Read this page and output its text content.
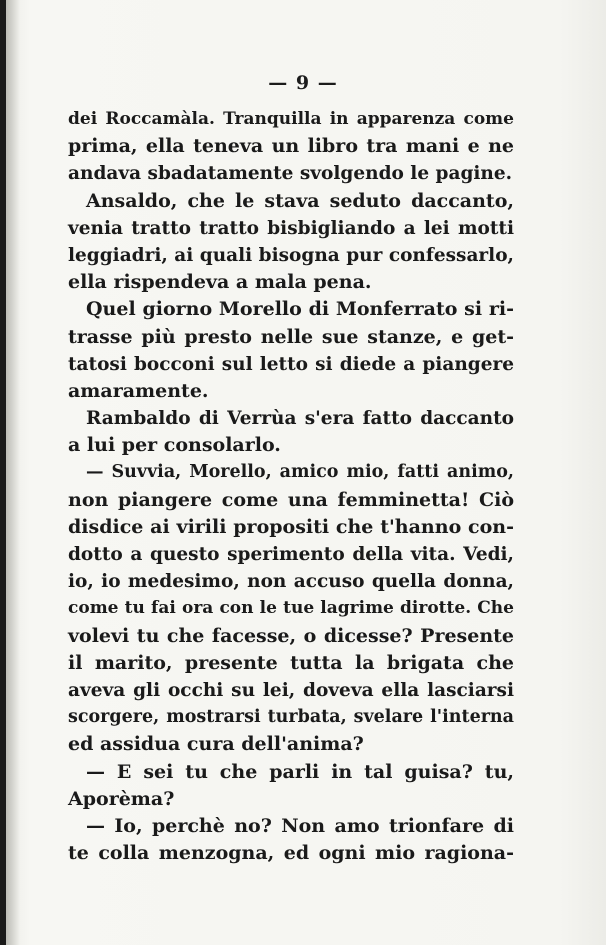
— 9 —
dei Roccamàla. Tranquilla in apparenza come
prima, ella teneva un libro tra mani e ne
andava sbadatamente svolgendo le pagine.
Ansaldo, che le stava seduto daccanto,
venia tratto tratto bisbigliando a lei motti
leggiadri, ai quali bisogna pur confessarlo,
ella rispendeva a mala pena.
Quel giorno Morello di Monferrato si ri-
trasse più presto nelle sue stanze, e get-
tatosi bocconi sul letto si diede a piangere
amaramente.
Rambaldo di Verrùa s'era fatto daccanto
a lui per consolarlo.
— Suvvia, Morello, amico mio, fatti animo,
non piangere come una femminetta! Ciò
disdice ai virili propositi che t'hanno con-
dotto a questo sperimento della vita. Vedi,
io, io medesimo, non accuso quella donna,
come tu fai ora con le tue lagrime dirotte. Che
volevi tu che facesse, o dicesse? Presente
il marito, presente tutta la brigata che
aveva gli occhi su lei, doveva ella lasciarsi
scorgere, mostrarsi turbata, svelare l'interna
ed assidua cura dell'anima?
— E sei tu che parli in tal guisa? tu,
Aporèma?
— Io, perchè no? Non amo trionfare di
te colla menzogna, ed ogni mio ragiona-
